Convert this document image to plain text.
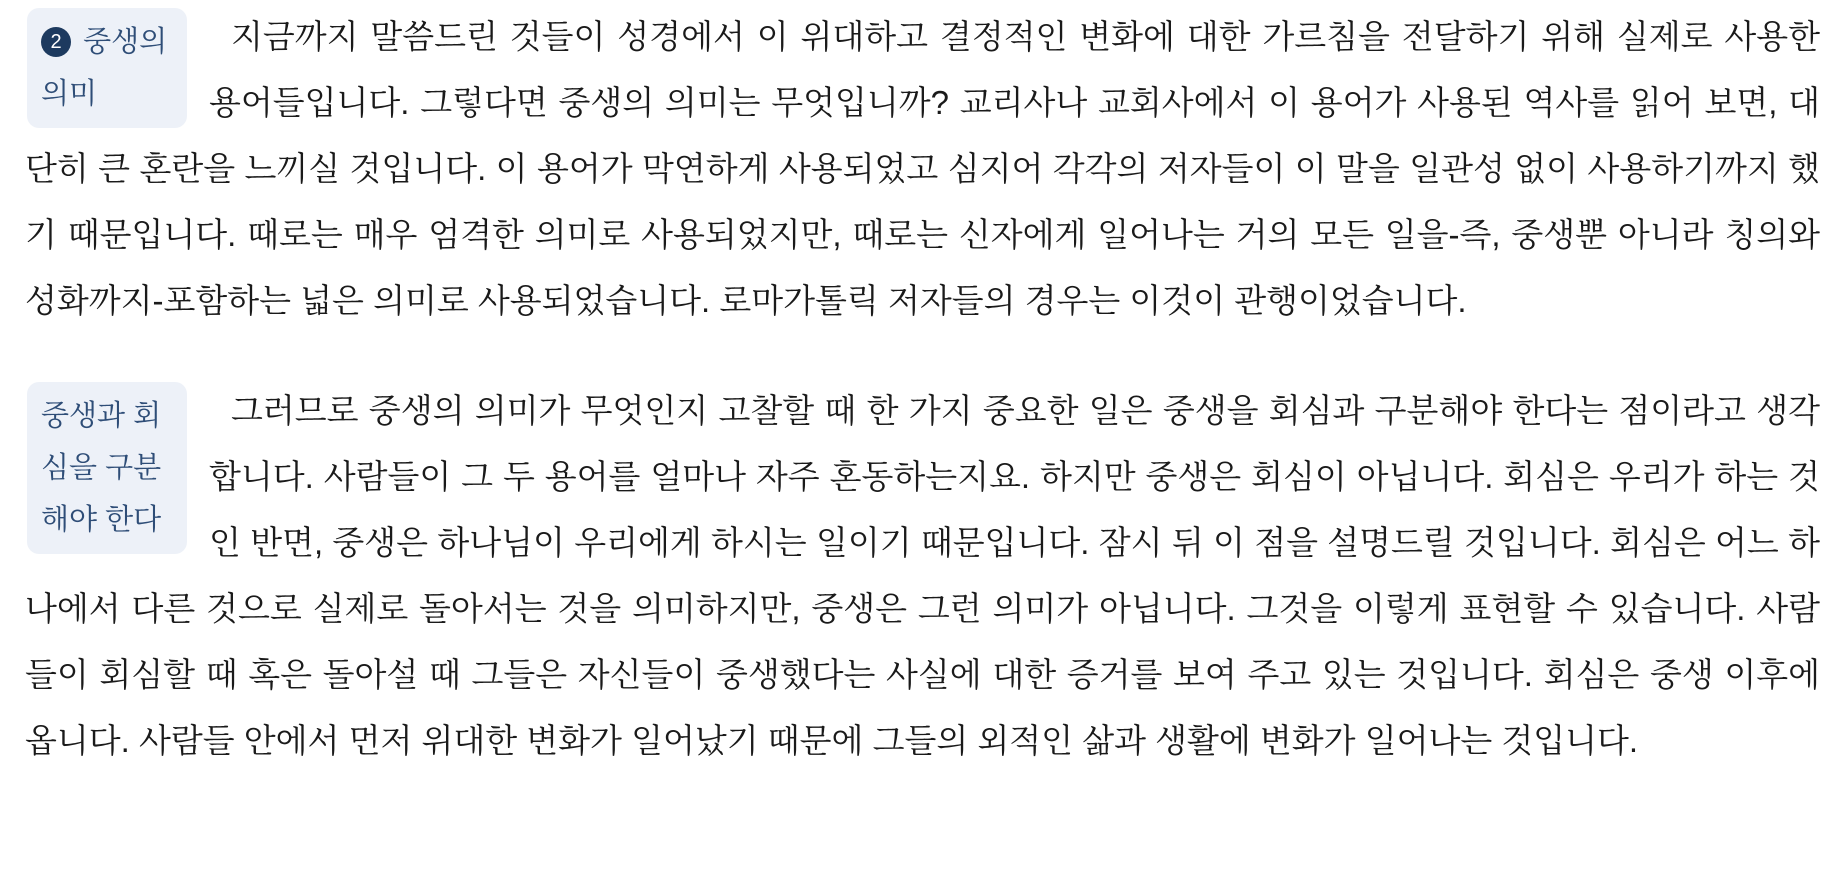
2 중생의 의미
지금까지 말씀드린 것들이 성경에서 이 위대하고 결정적인 변화에 대한 가르침을 전달하기 위해 실제로 사용한 용어들입니다. 그렇다면 중생의 의미는 무엇입니까? 교리사나 교회사에서 이 용어가 사용된 역사를 읽어 보면, 대단히 큰 혼란을 느끼실 것입니다. 이 용어가 막연하게 사용되었고 심지어 각각의 저자들이 이 말을 일관성 없이 사용하기까지 했기 때문입니다. 때로는 매우 엄격한 의미로 사용되었지만, 때로는 신자에게 일어나는 거의 모든 일을-즉, 중생뿐 아니라 칭의와 성화까지-포함하는 넓은 의미로 사용되었습니다. 로마가톨릭 저자들의 경우는 이것이 관행이었습니다.

중생과 회심을 구분해야 한다
그러므로 중생의 의미가 무엇인지 고찰할 때 한 가지 중요한 일은 중생을 회심과 구분해야 한다는 점이라고 생각합니다. 사람들이 그 두 용어를 얼마나 자주 혼동하는지요. 하지만 중생은 회심이 아닙니다. 회심은 우리가 하는 것인 반면, 중생은 하나님이 우리에게 하시는 일이기 때문입니다. 잠시 뒤 이 점을 설명드릴 것입니다. 회심은 어느 하나에서 다른 것으로 실제로 돌아서는 것을 의미하지만, 중생은 그런 의미가 아닙니다. 그것을 이렇게 표현할 수 있습니다. 사람들이 회심할 때 혹은 돌아설 때 그들은 자신들이 중생했다는 사실에 대한 증거를 보여 주고 있는 것입니다. 회심은 중생 이후에 옵니다. 사람들 안에서 먼저 위대한 변화가 일어났기 때문에 그들의 외적인 삶과 생활에 변화가 일어나는 것입니다.
